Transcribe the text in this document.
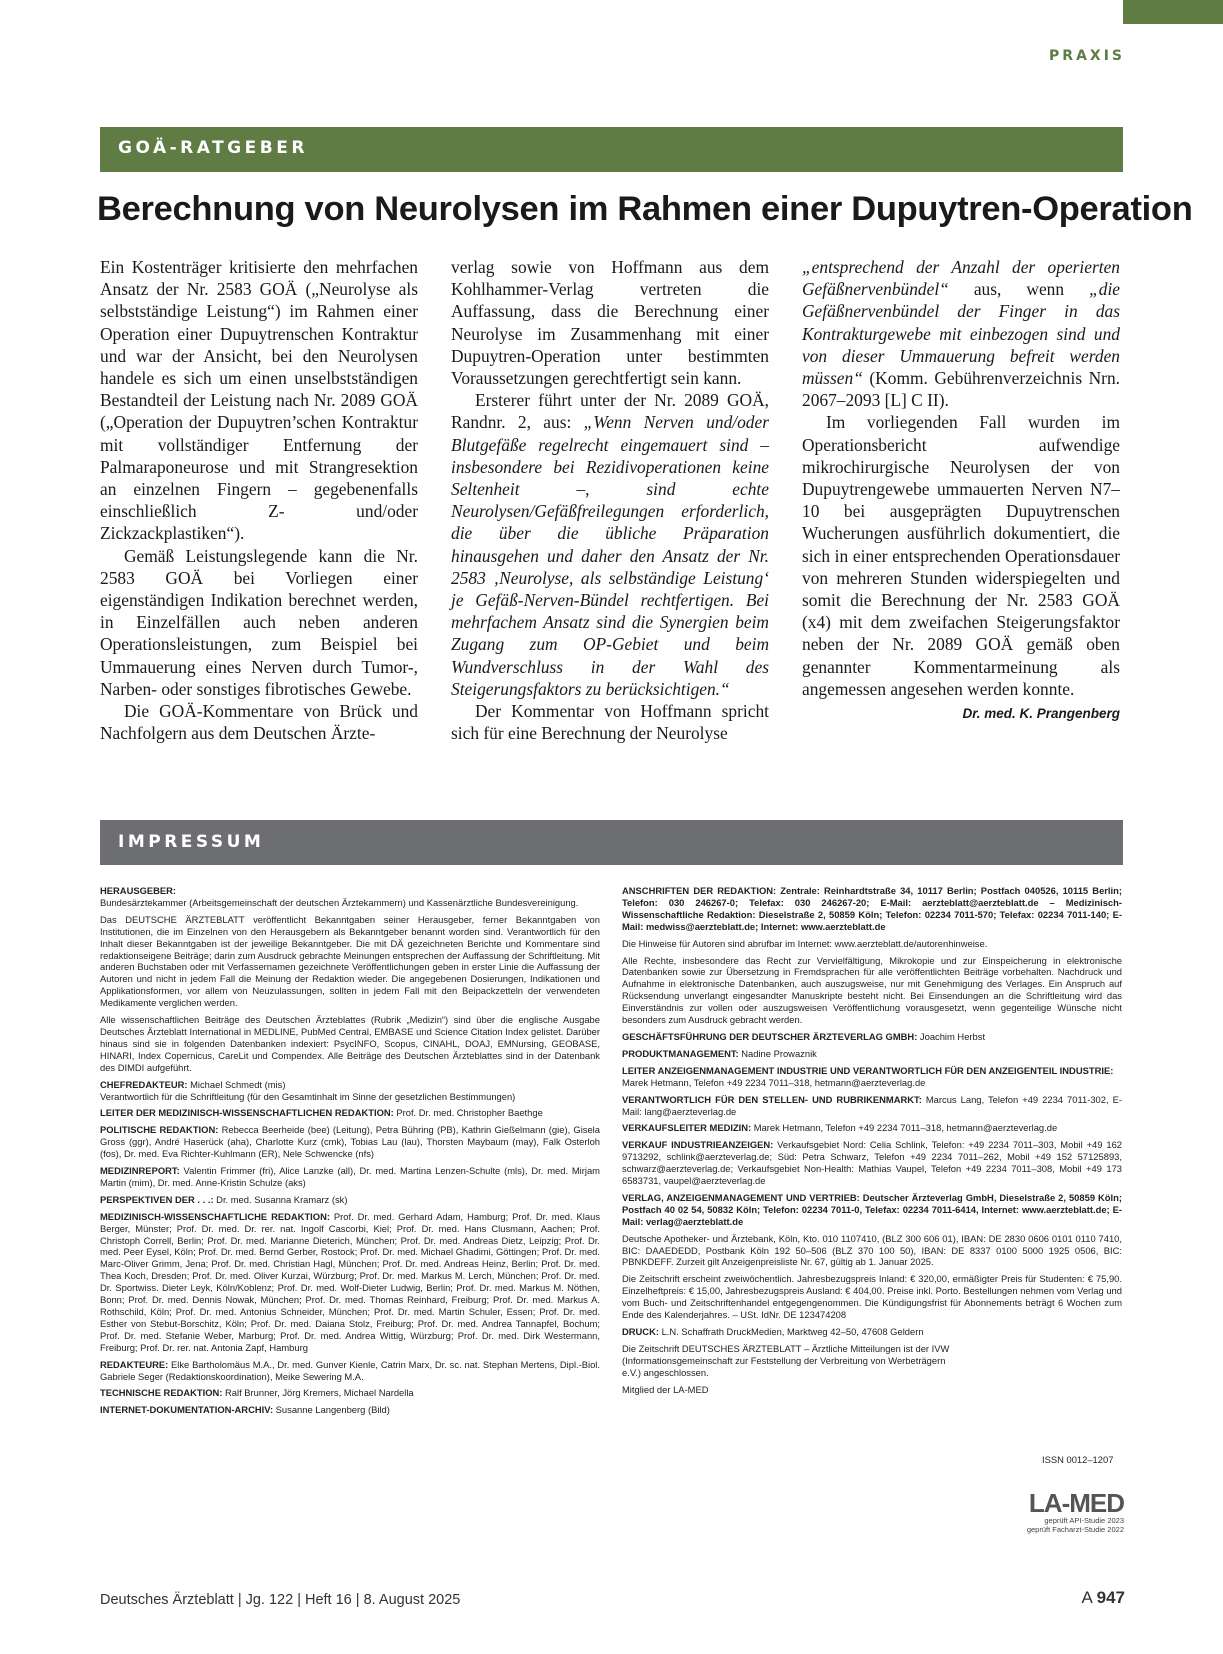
PRAXIS
GOÄ-RATGEBER
Berechnung von Neurolysen im Rahmen einer Dupuytren-Operation

Ein Kostenträger kritisierte den mehrfachen Ansatz der Nr. 2583 GOÄ („Neurolyse als selbstständige Leistung“) im Rahmen einer Operation einer Dupuytrenschen Kontraktur und war der Ansicht, bei den Neurolysen handele es sich um einen unselbstständigen Bestandteil der Leistung nach Nr. 2089 GOÄ („Operation der Dupuytren’schen Kontraktur mit vollständiger Entfernung der Palmaraponeurose und mit Strangresektion an einzelnen Fingern – gegebenenfalls einschließlich Z- und/oder Zickzackplastiken“).

Gemäß Leistungslegende kann die Nr. 2583 GOÄ bei Vorliegen einer eigenständigen Indikation berechnet werden, in Einzelfällen auch neben anderen Operationsleistungen, zum Beispiel bei Ummauerung eines Nerven durch Tumor-, Narben- oder sonstiges fibrotisches Gewebe.

Die GOÄ-Kommentare von Brück und Nachfolgern aus dem Deutschen Ärzte-

verlag sowie von Hoffmann aus dem Kohlhammer-Verlag vertreten die Auffassung, dass die Berechnung einer Neurolyse im Zusammenhang mit einer Dupuytren-Operation unter bestimmten Voraussetzungen gerechtfertigt sein kann.

Ersterer führt unter der Nr. 2089 GOÄ, Randnr. 2, aus: „Wenn Nerven und/oder Blutgefäße regelrecht eingemauert sind – insbesondere bei Rezidivoperationen keine Seltenheit –, sind echte Neurolysen/Gefäßfreilegungen erforderlich, die über die übliche Präparation hinausgehen und daher den Ansatz der Nr. 2583 ‚Neurolyse, als selbständige Leistung‘ je Gefäß-Nerven-Bündel rechtfertigen. Bei mehrfachem Ansatz sind die Synergien beim Zugang zum OP-Gebiet und beim Wundverschluss in der Wahl des Steigerungsfaktors zu berücksichtigen.“

Der Kommentar von Hoffmann spricht sich für eine Berechnung der Neurolyse

„entsprechend der Anzahl der operierten Gefäßnervenbündel“ aus, wenn „die Gefäßnervenbündel der Finger in das Kontrakturgewebe mit einbezogen sind und von dieser Ummauerung befreit werden müssen“ (Komm. Gebührenverzeichnis Nrn. 2067–2093 [L] C II).

Im vorliegenden Fall wurden im Operationsbericht aufwendige mikrochirurgische Neurolysen der von Dupuytrengewebe ummauerten Nerven N7–10 bei ausgeprägten Dupuytrenschen Wucherungen ausführlich dokumentiert, die sich in einer entsprechenden Operationsdauer von mehreren Stunden widerspiegelten und somit die Berechnung der Nr. 2583 GOÄ (x4) mit dem zweifachen Steigerungsfaktor neben der Nr. 2089 GOÄ gemäß oben genannter Kommentarmeinung als angemessen angesehen werden konnte.

Dr. med. K. Prangenberg
IMPRESSUM

HERAUSGEBER:
Bundesärztekammer (Arbeitsgemeinschaft der deutschen Ärztekammern) und Kassenärztliche Bundesvereinigung.

Das DEUTSCHE ÄRZTEBLATT veröffentlicht Bekanntgaben seiner Herausgeber, ferner Bekanntgaben von Institutionen, die im Einzelnen von den Herausgebern als Bekanntgeber benannt worden sind. Verantwortlich für den Inhalt dieser Bekanntgaben ist der jeweilige Bekanntgeber. Die mit DÄ gezeichneten Berichte und Kommentare sind redaktionseigene Beiträge; darin zum Ausdruck gebrachte Meinungen entsprechen der Auffassung der Schriftleitung. Mit anderen Buchstaben oder mit Verfassernamen gezeichnete Veröffentlichungen geben in erster Linie die Auffassung der Autoren und nicht in jedem Fall die Meinung der Redaktion wieder. Die angegebenen Dosierungen, Indikationen und Applikationsformen, vor allem von Neuzulassungen, sollten in jedem Fall mit den Beipackzetteln der verwendeten Medikamente verglichen werden.

Alle wissenschaftlichen Beiträge des Deutschen Ärzteblattes (Rubrik „Medizin“) sind über die englische Ausgabe Deutsches Ärzteblatt International in MEDLINE, PubMed Central, EMBASE und Science Citation Index gelistet. Darüber hinaus sind sie in folgenden Datenbanken indexiert: PsycINFO, Scopus, CINAHL, DOAJ, EMNursing, GEOBASE, HINARI, Index Copernicus, CareLit und Compendex. Alle Beiträge des Deutschen Ärzteblattes sind in der Datenbank des DIMDI aufgeführt.

CHEFREDAKTEUR: Michael Schmedt (mis)
Verantwortlich für die Schriftleitung (für den Gesamtinhalt im Sinne der gesetzlichen Bestimmungen)

LEITER DER MEDIZINISCH-WISSENSCHAFTLICHEN REDAKTION: Prof. Dr. med. Christopher Baethge

POLITISCHE REDAKTION: Rebecca Beerheide (bee) (Leitung), Petra Bühring (PB), Kathrin Gießelmann (gie), Gisela Gross (ggr), André Haserück (aha), Charlotte Kurz (cmk), Tobias Lau (lau), Thorsten Maybaum (may), Falk Osterloh (fos), Dr. med. Eva Richter-Kuhlmann (ER), Nele Schwencke (nfs)

MEDIZINREPORT: Valentin Frimmer (fri), Alice Lanzke (all), Dr. med. Martina Lenzen-Schulte (mls), Dr. med. Mirjam Martin (mim), Dr. med. Anne-Kristin Schulze (aks)

PERSPEKTIVEN DER . . .: Dr. med. Susanna Kramarz (sk)

MEDIZINISCH-WISSENSCHAFTLICHE REDAKTION: Prof. Dr. med. Gerhard Adam, Hamburg; Prof. Dr. med. Klaus Berger, Münster; Prof. Dr. med. Dr. rer. nat. Ingolf Cascorbi, Kiel; Prof. Dr. med. Hans Clusmann, Aachen; Prof. Christoph Correll, Berlin; Prof. Dr. med. Marianne Dieterich, München; Prof. Dr. med. Andreas Dietz, Leipzig; Prof. Dr. med. Peer Eysel, Köln; Prof. Dr. med. Bernd Gerber, Rostock; Prof. Dr. med. Michael Ghadimi, Göttingen; Prof. Dr. med. Marc-Oliver Grimm, Jena; Prof. Dr. med. Christian Hagl, München; Prof. Dr. med. Andreas Heinz, Berlin; Prof. Dr. med. Thea Koch, Dresden; Prof. Dr. med. Oliver Kurzai, Würzburg; Prof. Dr. med. Markus M. Lerch, München; Prof. Dr. med. Dr. Sportwiss. Dieter Leyk, Köln/Koblenz; Prof. Dr. med. Wolf-Dieter Ludwig, Berlin; Prof. Dr. med. Markus M. Nöthen, Bonn; Prof. Dr. med. Dennis Nowak, München; Prof. Dr. med. Thomas Reinhard, Freiburg; Prof. Dr. med. Markus A. Rothschild, Köln; Prof. Dr. med. Antonius Schneider, München; Prof. Dr. med. Martin Schuler, Essen; Prof. Dr. med. Esther von Stebut-Borschitz, Köln; Prof. Dr. med. Daiana Stolz, Freiburg; Prof. Dr. med. Andrea Tannapfel, Bochum; Prof. Dr. med. Stefanie Weber, Marburg; Prof. Dr. med. Andrea Wittig, Würzburg; Prof. Dr. med. Dirk Westermann, Freiburg; Prof. Dr. rer. nat. Antonia Zapf, Hamburg

REDAKTEURE: Elke Bartholomäus M.A., Dr. med. Gunver Kienle, Catrin Marx, Dr. sc. nat. Stephan Mertens, Dipl.-Biol. Gabriele Seger (Redaktionskoordination), Meike Sewering M.A.

TECHNISCHE REDAKTION: Ralf Brunner, Jörg Kremers, Michael Nardella

INTERNET-DOKUMENTATION-ARCHIV: Susanne Langenberg (Bild)

ANSCHRIFTEN DER REDAKTION: Zentrale: Reinhardtstraße 34, 10117 Berlin; Postfach 040526, 10115 Berlin; Telefon: 030 246267-0; Telefax: 030 246267-20; E-Mail: aerzteblatt@aerzteblatt.de – Medizinisch-Wissenschaftliche Redaktion: Dieselstraße 2, 50859 Köln; Telefon: 02234 7011-570; Telefax: 02234 7011-140; E-Mail: medwiss@aerzteblatt.de; Internet: www.aerzteblatt.de

Die Hinweise für Autoren sind abrufbar im Internet: www.aerzteblatt.de/autorenhinweise.

Alle Rechte, insbesondere das Recht zur Vervielfältigung, Mikrokopie und zur Einspeicherung in elektronische Datenbanken sowie zur Übersetzung in Fremdsprachen für alle veröffentlichten Beiträge vorbehalten. Nachdruck und Aufnahme in elektronische Datenbanken, auch auszugsweise, nur mit Genehmigung des Verlages. Ein Anspruch auf Rücksendung unverlangt eingesandter Manuskripte besteht nicht. Bei Einsendungen an die Schriftleitung wird das Einverständnis zur vollen oder auszugsweisen Veröffentlichung vorausgesetzt, wenn gegenteilige Wünsche nicht besonders zum Ausdruck gebracht werden.

GESCHÄFTSFÜHRUNG DER DEUTSCHER ÄRZTEVERLAG GMBH: Joachim Herbst

PRODUKTMANAGEMENT: Nadine Prowaznik

LEITER ANZEIGENMANAGEMENT INDUSTRIE UND VERANTWORTLICH FÜR DEN ANZEIGENTEIL INDUSTRIE:
Marek Hetmann, Telefon +49 2234 7011–318, hetmann@aerzteverlag.de

VERANTWORTLICH FÜR DEN STELLEN- UND RUBRIKENMARKT: Marcus Lang, Telefon +49 2234 7011-302, E-Mail: lang@aerzteverlag.de

VERKAUFSLEITER MEDIZIN: Marek Hetmann, Telefon +49 2234 7011–318, hetmann@aerzteverlag.de

VERKAUF INDUSTRIEANZEIGEN: Verkaufsgebiet Nord: Celia Schlink, Telefon: +49 2234 7011–303, Mobil +49 162 9713292, schlink@aerzteverlag.de; Süd: Petra Schwarz, Telefon +49 2234 7011–262, Mobil +49 152 57125893, schwarz@aerzteverlag.de; Verkaufsgebiet Non-Health: Mathias Vaupel, Telefon +49 2234 7011–308, Mobil +49 173 6583731, vaupel@aerzteverlag.de

VERLAG, ANZEIGENMANAGEMENT UND VERTRIEB: Deutscher Ärzteverlag GmbH, Dieselstraße 2, 50859 Köln; Postfach 40 02 54, 50832 Köln; Telefon: 02234 7011-0, Telefax: 02234 7011-6414, Internet: www.aerzteblatt.de; E-Mail: verlag@aerzteblatt.de

Deutsche Apotheker- und Ärztebank, Köln, Kto. 010 1107410, (BLZ 300 606 01), IBAN: DE 2830 0606 0101 0110 7410, BIC: DAAEDEDD, Postbank Köln 192 50–506 (BLZ 370 100 50), IBAN: DE 8337 0100 5000 1925 0506, BIC: PBNKDEFF. Zurzeit gilt Anzeigenpreisliste Nr. 67, gültig ab 1. Januar 2025.

Die Zeitschrift erscheint zweiwöchentlich. Jahresbezugspreis Inland: € 320,00, ermäßigter Preis für Studenten: € 75,90. Einzelheftpreis: € 15,00, Jahresbezugspreis Ausland: € 404,00. Preise inkl. Porto. Bestellungen nehmen vom Verlag und vom Buch- und Zeitschriftenhandel entgegengenommen. Die Kündigungsfrist für Abonnements beträgt 6 Wochen zum Ende des Kalenderjahres. – USt. IdNr. DE 123474208

DRUCK: L.N. Schaffrath DruckMedien, Marktweg 42–50, 47608 Geldern

Die Zeitschrift DEUTSCHES ÄRZTEBLATT – Ärztliche Mitteilungen ist der IVW (Informationsgemeinschaft zur Feststellung der Verbreitung von Werbeträgern e.V.) angeschlossen.

Mitglied der LA-MED

ISSN 0012–1207
LA-MED
geprüft API-Studie 2023
geprüft Facharzt-Studie 2022
Deutsches Ärzteblatt | Jg. 122 | Heft 16 | 8. August 2025	A 947
